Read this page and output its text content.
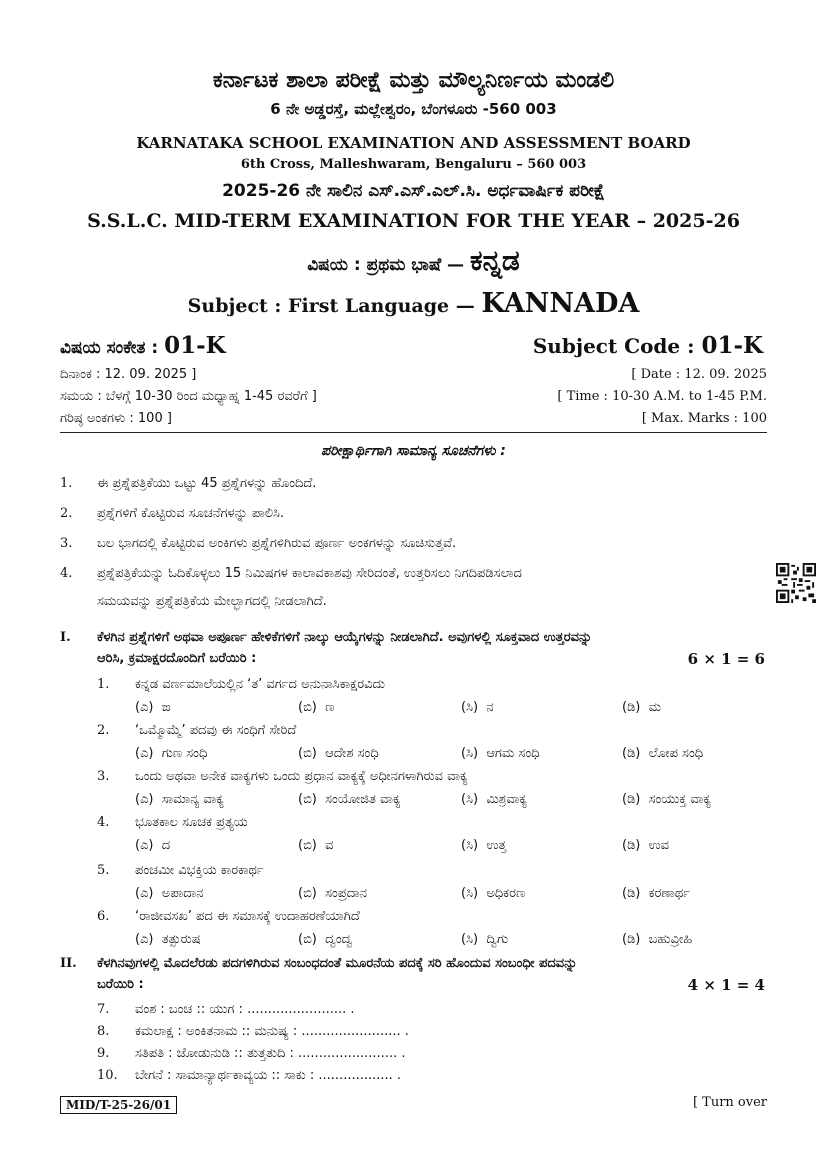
ಕರ್ನಾಟಕ ಶಾಲಾ ಪರೀಕ್ಷೆ ಮತ್ತು ಮೌಲ್ಯನಿರ್ಣಯ ಮಂಡಲಿ
6 ನೇ ಅಡ್ಡರಸ್ತೆ, ಮಲ್ಲೇಶ್ವರಂ, ಬೆಂಗಳೂರು -560 003
KARNATAKA SCHOOL EXAMINATION AND ASSESSMENT BOARD
6th Cross, Malleshwaram, Bengaluru – 560 003
2025-26 ನೇ ಸಾಲಿನ ಎಸ್.ಎಸ್.ಎಲ್.ಸಿ. ಅರ್ಧವಾರ್ಷಿಕ ಪರೀಕ್ಷೆ
S.S.L.C. MID-TERM EXAMINATION FOR THE YEAR – 2025-26
ವಿಷಯ : ಪ್ರಥಮ ಭಾಷೆ — ಕನ್ನಡ
Subject : First Language — KANNADA
ವಿಷಯ ಸಂಕೇತ : 01-K	Subject Code : 01-K
ದಿನಾಂಕ : 12. 09. 2025 ]	[ Date : 12. 09. 2025
ಸಮಯ : ಬೆಳಗ್ಗೆ 10-30 ರಿಂದ ಮಧ್ಯಾಹ್ನ 1-45 ರವರೆಗೆ ]	[ Time : 10-30 A.M. to 1-45 P.M.
ಗರಿಷ್ಠ ಅಂಕಗಳು : 100 ]	[ Max. Marks : 100
ಪರೀಕ್ಷಾರ್ಥಿಗಾಗಿ ಸಾಮಾನ್ಯ ಸೂಚನೆಗಳು :
1. ಈ ಪ್ರಶ್ನೆಪತ್ರಿಕೆಯು ಒಟ್ಟು 45 ಪ್ರಶ್ನೆಗಳನ್ನು ಹೊಂದಿದೆ.
2. ಪ್ರಶ್ನೆಗಳಿಗೆ ಕೊಟ್ಟಿರುವ ಸೂಚನೆಗಳನ್ನು ಪಾಲಿಸಿ.
3. ಬಲ ಭಾಗದಲ್ಲಿ ಕೊಟ್ಟಿರುವ ಅಂಕಿಗಳು ಪ್ರಶ್ನೆಗಳಿಗಿರುವ ಪೂರ್ಣ ಅಂಕಗಳನ್ನು ಸೂಚಿಸುತ್ತವೆ.
4. ಪ್ರಶ್ನೆಪತ್ರಿಕೆಯನ್ನು ಓದಿಕೊಳ್ಳಲು 15 ನಿಮಿಷಗಳ ಕಾಲಾವಕಾಶವು ಸೇರಿದಂತೆ, ಉತ್ತರಿಸಲು ನಿಗದಿಪಡಿಸಲಾದ
ಸಮಯವನ್ನು ಪ್ರಶ್ನೆಪತ್ರಿಕೆಯ ಮೇಲ್ಭಾಗದಲ್ಲಿ ನೀಡಲಾಗಿದೆ.
I. ಕೆಳಗಿನ ಪ್ರಶ್ನೆಗಳಿಗೆ ಅಥವಾ ಅಪೂರ್ಣ ಹೇಳಿಕೆಗಳಿಗೆ ನಾಲ್ಕು ಆಯ್ಕೆಗಳನ್ನು ನೀಡಲಾಗಿದೆ. ಅವುಗಳಲ್ಲಿ ಸೂಕ್ತವಾದ ಉತ್ತರವನ್ನು
ಆರಿಸಿ, ಕ್ರಮಾಕ್ಷರದೊಂದಿಗೆ ಬರೆಯಿರಿ :	6 × 1 = 6
1. ಕನ್ನಡ ವರ್ಣಮಾಲೆಯಲ್ಲಿನ ‘ತ’ ವರ್ಗದ ಅನುನಾಸಿಕಾಕ್ಷರವಿದು
(ಎ) ಙ	(ಬಿ) ಣ	(ಸಿ) ನ	(ಡಿ) ಮ
2. ‘ಒಮ್ಮೊಮ್ಮೆ’ ಪದವು ಈ ಸಂಧಿಗೆ ಸೇರಿದೆ
(ಎ) ಗುಣ ಸಂಧಿ	(ಬಿ) ಆದೇಶ ಸಂಧಿ	(ಸಿ) ಆಗಮ ಸಂಧಿ	(ಡಿ) ಲೋಪ ಸಂಧಿ
3. ಒಂದು ಅಥವಾ ಅನೇಕ ವಾಕ್ಯಗಳು ಒಂದು ಪ್ರಧಾನ ವಾಕ್ಯಕ್ಕೆ ಅಧೀನಗಳಾಗಿರುವ ವಾಕ್ಯ
(ಎ) ಸಾಮಾನ್ಯ ವಾಕ್ಯ	(ಬಿ) ಸಂಯೋಜಿತ ವಾಕ್ಯ	(ಸಿ) ಮಿಶ್ರವಾಕ್ಯ	(ಡಿ) ಸಂಯುಕ್ತ ವಾಕ್ಯ
4. ಭೂತಕಾಲ ಸೂಚಕ ಪ್ರತ್ಯಯ
(ಎ) ದ	(ಬಿ) ವ	(ಸಿ) ಉತ್ತ	(ಡಿ) ಉವ
5. ಪಂಚಮೀ ವಿಭಕ್ತಿಯ ಕಾರಕಾರ್ಥ
(ಎ) ಅಪಾದಾನ	(ಬಿ) ಸಂಪ್ರದಾನ	(ಸಿ) ಅಧಿಕರಣ	(ಡಿ) ಕರಣಾರ್ಥ
6. ‘ರಾಜೀವಸಖ’ ಪದ ಈ ಸಮಾಸಕ್ಕೆ ಉದಾಹರಣೆಯಾಗಿದೆ
(ಎ) ತತ್ಪುರುಷ	(ಬಿ) ದ್ವಂದ್ವ	(ಸಿ) ದ್ವಿಗು	(ಡಿ) ಬಹುವ್ರೀಹಿ
II. ಕೆಳಗಿನವುಗಳಲ್ಲಿ ಮೊದಲೆರಡು ಪದಗಳಿಗಿರುವ ಸಂಬಂಧದಂತೆ ಮೂರನೆಯ ಪದಕ್ಕೆ ಸರಿ ಹೊಂದುವ ಸಂಬಂಧೀ ಪದವನ್ನು
ಬರೆಯಿರಿ :	4 × 1 = 4
7. ವಂಶ : ಬಂಚ :: ಯುಗ : ........................ .
8. ಕಮಲಾಕ್ಷ : ಅಂಕಿತನಾಮ :: ಮನುಷ್ಯ : ........................ .
9. ಸತಿಪತಿ : ಜೋಡುನುಡಿ :: ತುತ್ತತುದಿ : ........................ .
10. ಬೇಗನೆ : ಸಾಮಾನ್ಯಾರ್ಥಕಾವ್ಯಯ :: ಸಾಕು : .................. .
MID/T-25-26/01	[ Turn over
